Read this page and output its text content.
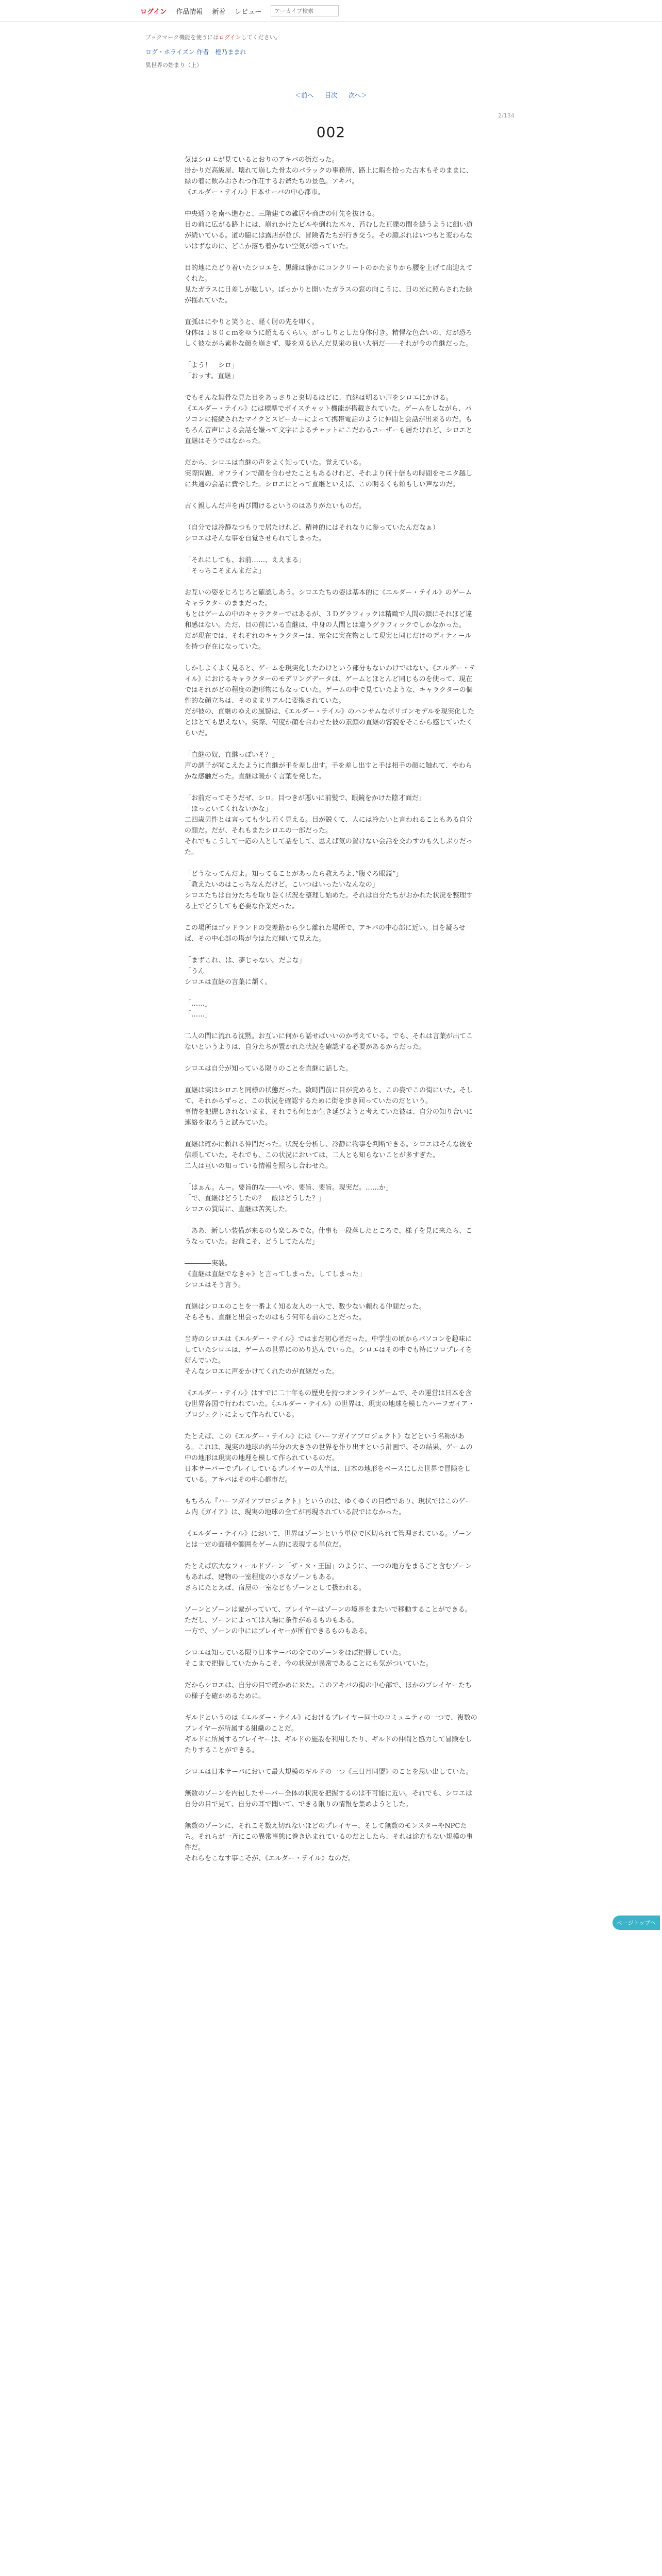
ログイン 作品情報 新着 レビュー
アーカイブ検索
ブックマーク機能を使うにはログインしてください。
ログ・ホライズン 作者　橙乃ままれ
異世界の始まり（上）
＜前へ 目次 次へ＞
2/134
002

気はシロエが見ているとおりのアキバの街だった。
掛かりだ高級屋、壊れて崩した骨太のパラックの事務所、路上に暇を拾った古木もそのままに、緑の着に飲みおされつ作荘するお爺たちの景色。アキバ。
《エルダー・テイル》日本サーバの中心都市。

中央通りを南へ進むと、三階建ての雑居や商店の軒先を抜ける。
目の前に広がる路上には、崩れかけたビルや倒れた木々、苔むした瓦礫の間を縫うように細い道が続いている。道の脇には露店が並び、冒険者たちが行き交う。その顔ぶれはいつもと変わらないはずなのに、どこか落ち着かない空気が漂っていた。

目的地にたどり着いたシロエを、黒縁は静かにコンクリートのかたまりから腰を上げて出迎えてくれた。
見たガラスに日差しが眩しい。ぼっかりと開いたガラスの窓の向こうに、日の光に照らされた緑が揺れていた。

直弧はにやりと笑うと、軽く肘の先を叩く。
身体は１８０ｃｍをゆうに超えるくらい。がっしりとした身体付き。精悍な色合いの、だが恐ろしく彼ながら素朴な顔を崩さず、髪を刈る込んだ見栄の良い大柄だ――それが今の直継だった。

「よう！　シロ」
「おッす。直継」

でもそんな無骨な見た目をあっさりと裏切るほどに、直継は明るい声をシロエにかける。
《エルダー・テイル》には標準でボイスチャット機能が搭載されていた。ゲームをしながら、パソコンに接続されたマイクとスピーカーによって携帯電話のように仲間と会話が出来るのだ。もちろん音声による会話を嫌って文字によるチャットにこだわるユーザーも居たけれど、シロエと直継はそうではなかった。

だから、シロエは直継の声をよく知っていた。覚えている。
実際問題、オフラインで顔を合わせたこともあるけれど、それより何十倍もの時間をモニタ越しに共通の会話に費やした。シロエにとって直継といえば、この明るくも頼もしい声なのだ。

古く親しんだ声を再び聞けるというのはありがたいものだ。

（自分では冷静なつもりで居たけれど、精神的にはそれなりに参っていたんだなぁ）
シロエはそんな事を自覚させられてしまった。

「それにしても、お前……、ええまる」
「そっちこそまんまだよ」

お互いの姿をじろじろと確認しあう。シロエたちの姿は基本的に《エルダー・テイル》のゲームキャラクターのままだった。
もとはゲームの中のキャラクターではあるが、３Ｄグラフィックは精緻で人間の顔にそれほど違和感はない。ただ、目の前にいる直継は、中身の人間とは違うグラフィックでしかなかった。
だが現在では、それぞれのキャラクターは、完全に実在物として現実と同じだけのディティールを持つ存在になっていた。

しかしよくよく見ると、ゲームを現実化したわけという部分もないわけではない。《エルダー・テイル》におけるキャラクターのモデリングデータは、ゲームとほとんど同じものを使って、現在ではそれがどの程度の造形物にもなっていた。ゲームの中で見ていたような、キャラクターの個性的な顔立ちは、そのままリアルに変換されていた。
だが彼の、直継のゆえの風貌は、《エルダー・テイル》のハンサムなポリゴンモデルを現実化したとはとても思えない。実際、何度か顔を合わせた彼の素顔の直継の容貌をそこから感じていたくらいだ。

「直継の奴、直継っぽいそ？」
声の調子が聞こえたように直継が手を差し出す。手を差し出すと手は相手の顔に触れて、やわらかな感触だった。直継は暖かく言葉を発した。

「お前だってそうだぜ、シロ。目つきが悪いに前髪で、眼鏡をかけた陰才面だ」
「ほっといてくれないかな」
二四歳男性とは言っても少し若く見える。目が鋭くて、人には冷たいと言われることもある自分の顔だ。だが、それもまたシロエの一部だった。
それでもこうして一応の人として話をして、思えば気の置けない会話を交わすのも久しぶりだった。

「どうなってんだよ。知ってることがあったら教えろよ、”腹ぐろ眼鏡”」
「教えたいのはこっちなんだけど。こいつはいったいなんなの」
シロエたちは自分たちを取り巻く状況を整理し始めた。それは自分たちがおかれた状況を整理する上でどうしても必要な作業だった。

この場所はゴッドランドの交差路から少し離れた場所で、アキバの中心部に近い。目を凝らせば、その中心部の塔が今はただ傾いて見えた。

「まずこれ、は、夢じゃない。だよな」
「うん」
シロエは直継の言葉に頷く。

「……」
「……」

二人の間に流れる沈黙。お互いに何から話せばいいのか考えている。でも、それは言葉が出てこないというよりは、自分たちが置かれた状況を確認する必要があるからだった。

シロエは自分が知っている限りのことを直継に話した。

直継は実はシロエと同様の状態だった。数時間前に目が覚めると、この姿でこの街にいた。そして、それからずっと、この状況を確認するために街を歩き回っていたのだという。
事情を把握しきれないまま、それでも何とか生き延びようと考えていた彼は、自分の知り合いに連絡を取ろうと試みていた。

直継は確かに頼れる仲間だった。状況を分析し、冷静に物事を判断できる。シロエはそんな彼を信頼していた。それでも、この状況においては、二人とも知らないことが多すぎた。
二人は互いの知っている情報を照らし合わせた。

「はぁん。んー。要旨的な――いや、要旨、要旨。現実だ。……か」
「で、直継はどうしたの？　飯はどうした？」
シロエの質問に、直継は苦笑した。

「ああ、新しい装備が来るのも楽しみでな。仕事も一段落したところで、様子を見に来たら、こうなっていた。お前こそ、どうしてたんだ」

――――実装。
《直継は直継でなきゃ》と言ってしまった。してしまった」
シロエはそう言う。

直継はシロエのことを一番よく知る友人の一人で、数少ない頼れる仲間だった。
そもそも、直継と出会ったのはもう何年も前のことだった。

当時のシロエは《エルダー・テイル》ではまだ初心者だった。中学生の頃からパソコンを趣味にしていたシロエは、ゲームの世界にのめり込んでいった。シロエはその中でも特にソロプレイを好んでいた。
そんなシロエに声をかけてくれたのが直継だった。

《エルダー・テイル》はすでに二十年もの歴史を持つオンラインゲームで、その運営は日本を含む世界各国で行われていた。《エルダー・テイル》の世界は、現実の地球を模したハーフガイア・プロジェクトによって作られている。

たとえば、この《エルダー・テイル》には《ハーフガイアプロジェクト》などという名称がある。これは、現実の地球の約半分の大きさの世界を作り出すという計画で、その結果、ゲームの中の地形は現実の地理を模して作られているのだ。
日本サーバーでプレイしているプレイヤーの大半は、日本の地形をベースにした世界で冒険をしている。アキバはその中心都市だ。

もちろん『ハーフガイアプロジェクト』というのは、ゆくゆくの目標であり、現状ではこのゲーム内《ガイア》は、現実の地球の全てが再現されている訳ではなかった。

《エルダー・テイル》において、世界はゾーンという単位で区切られて管理されている。ゾーンとは一定の面積や範囲をゲーム的に表現する単位だ。

たとえば広大なフィールドゾーン「ザ・ヌ・王国」のように、一つの地方をまるごと含むゾーンもあれば、建物の一室程度の小さなゾーンもある。
さらにたとえば、宿屋の一室などもゾーンとして扱われる。

ゾーンとゾーンは繋がっていて、プレイヤーはゾーンの境界をまたいで移動することができる。ただし、ゾーンによっては入場に条件があるものもある。
一方で、ゾーンの中にはプレイヤーが所有できるものもある。

シロエは知っている限り日本サーバの全てのゾーンをほぼ把握していた。
そこまで把握していたからこそ、今の状況が異常であることにも気がついていた。

だからシロエは、自分の目で確かめに来た。このアキバの街の中心部で、ほかのプレイヤーたちの様子を確かめるために。

ギルドというのは《エルダー・テイル》におけるプレイヤー同士のコミュニティの一つで、複数のプレイヤーが所属する組織のことだ。
ギルドに所属するプレイヤーは、ギルドの施設を利用したり、ギルドの仲間と協力して冒険をしたりすることができる。

シロエは日本サーバにおいて最大規模のギルドの一つ《三日月同盟》のことを思い出していた。

無数のゾーンを内包したサーバー全体の状況を把握するのは不可能に近い。それでも、シロエは自分の目で見て、自分の耳で聞いて、できる限りの情報を集めようとした。

無数のゾーンに、それこそ数え切れないほどのプレイヤー、そして無数のモンスターやNPCたち。それらが一斉にこの異常事態に巻き込まれているのだとしたら、それは途方もない規模の事件だ。
それらをこなす事こそが、《エルダー・テイル》なのだ。

ページトップへ
